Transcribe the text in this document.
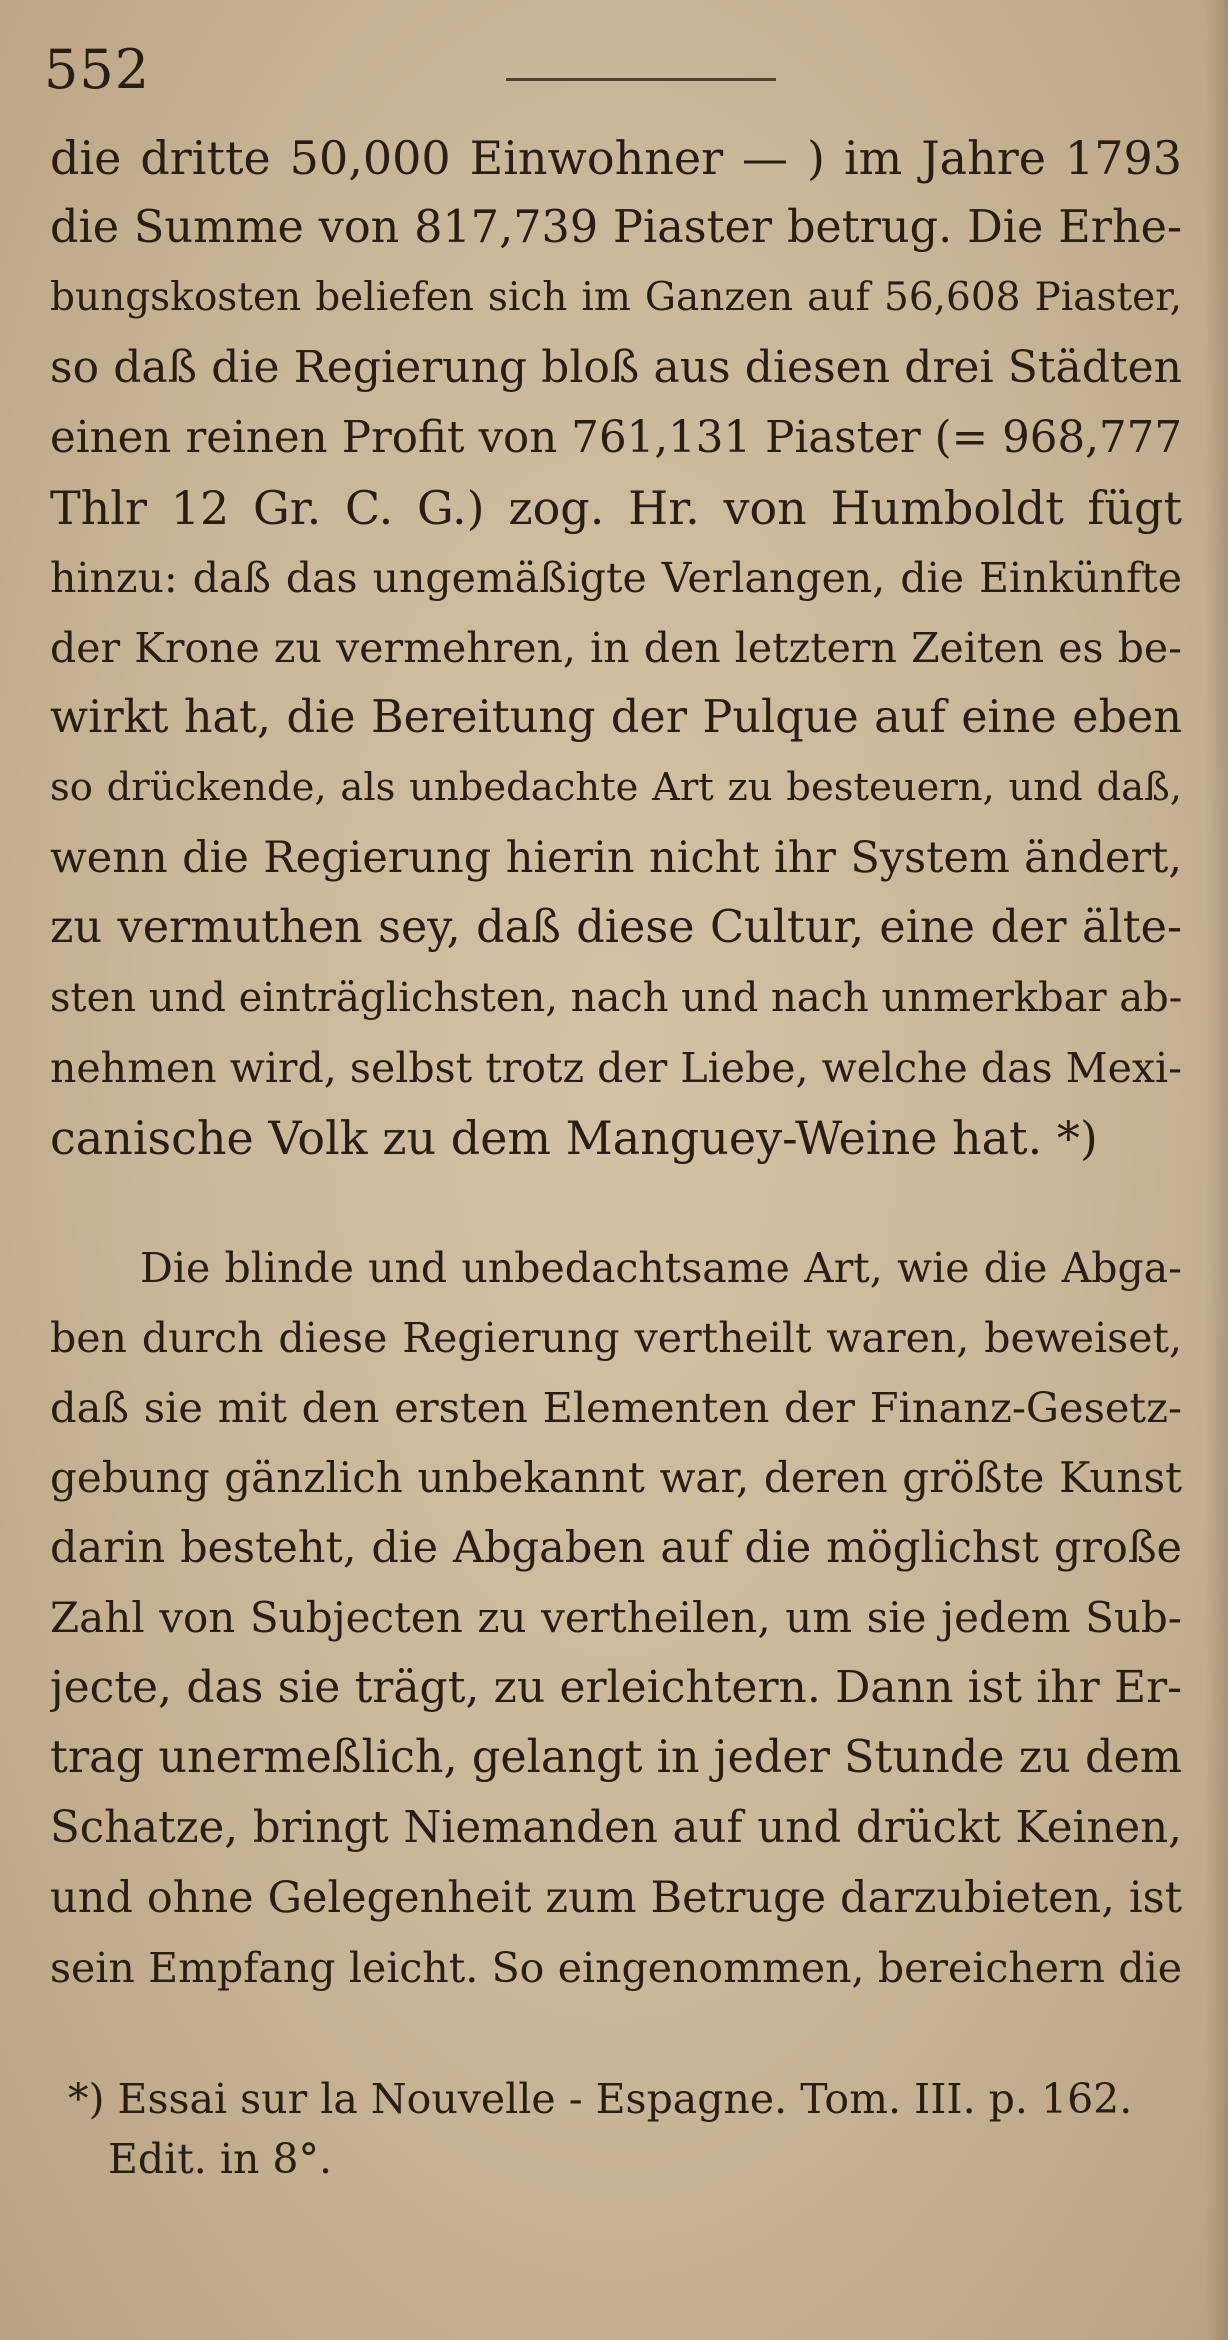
552
die dritte 50,000 Einwohner — ) im Jahre 1793
die Summe von 817,739 Piaster betrug. Die Erhe-
bungskosten beliefen sich im Ganzen auf 56,608 Piaster,
so daß die Regierung bloß aus diesen drei Städten
einen reinen Profit von 761,131 Piaster (= 968,777
Thlr 12 Gr. C. G.) zog. Hr. von Humboldt fügt
hinzu: daß das ungemäßigte Verlangen, die Einkünfte
der Krone zu vermehren, in den letztern Zeiten es be-
wirkt hat, die Bereitung der Pulque auf eine eben
so drückende, als unbedachte Art zu besteuern, und daß,
wenn die Regierung hierin nicht ihr System ändert,
zu vermuthen sey, daß diese Cultur, eine der älte-
sten und einträglichsten, nach und nach unmerkbar ab-
nehmen wird, selbst trotz der Liebe, welche das Mexi-
canische Volk zu dem Manguey-Weine hat. *)
Die blinde und unbedachtsame Art, wie die Abga-
ben durch diese Regierung vertheilt waren, beweiset,
daß sie mit den ersten Elementen der Finanz-Gesetz-
gebung gänzlich unbekannt war, deren größte Kunst
darin besteht, die Abgaben auf die möglichst große
Zahl von Subjecten zu vertheilen, um sie jedem Sub-
jecte, das sie trägt, zu erleichtern. Dann ist ihr Er-
trag unermeßlich, gelangt in jeder Stunde zu dem
Schatze, bringt Niemanden auf und drückt Keinen,
und ohne Gelegenheit zum Betruge darzubieten, ist
sein Empfang leicht. So eingenommen, bereichern die
*) Essai sur la Nouvelle - Espagne. Tom. III. p. 162.
Edit. in 8°.
